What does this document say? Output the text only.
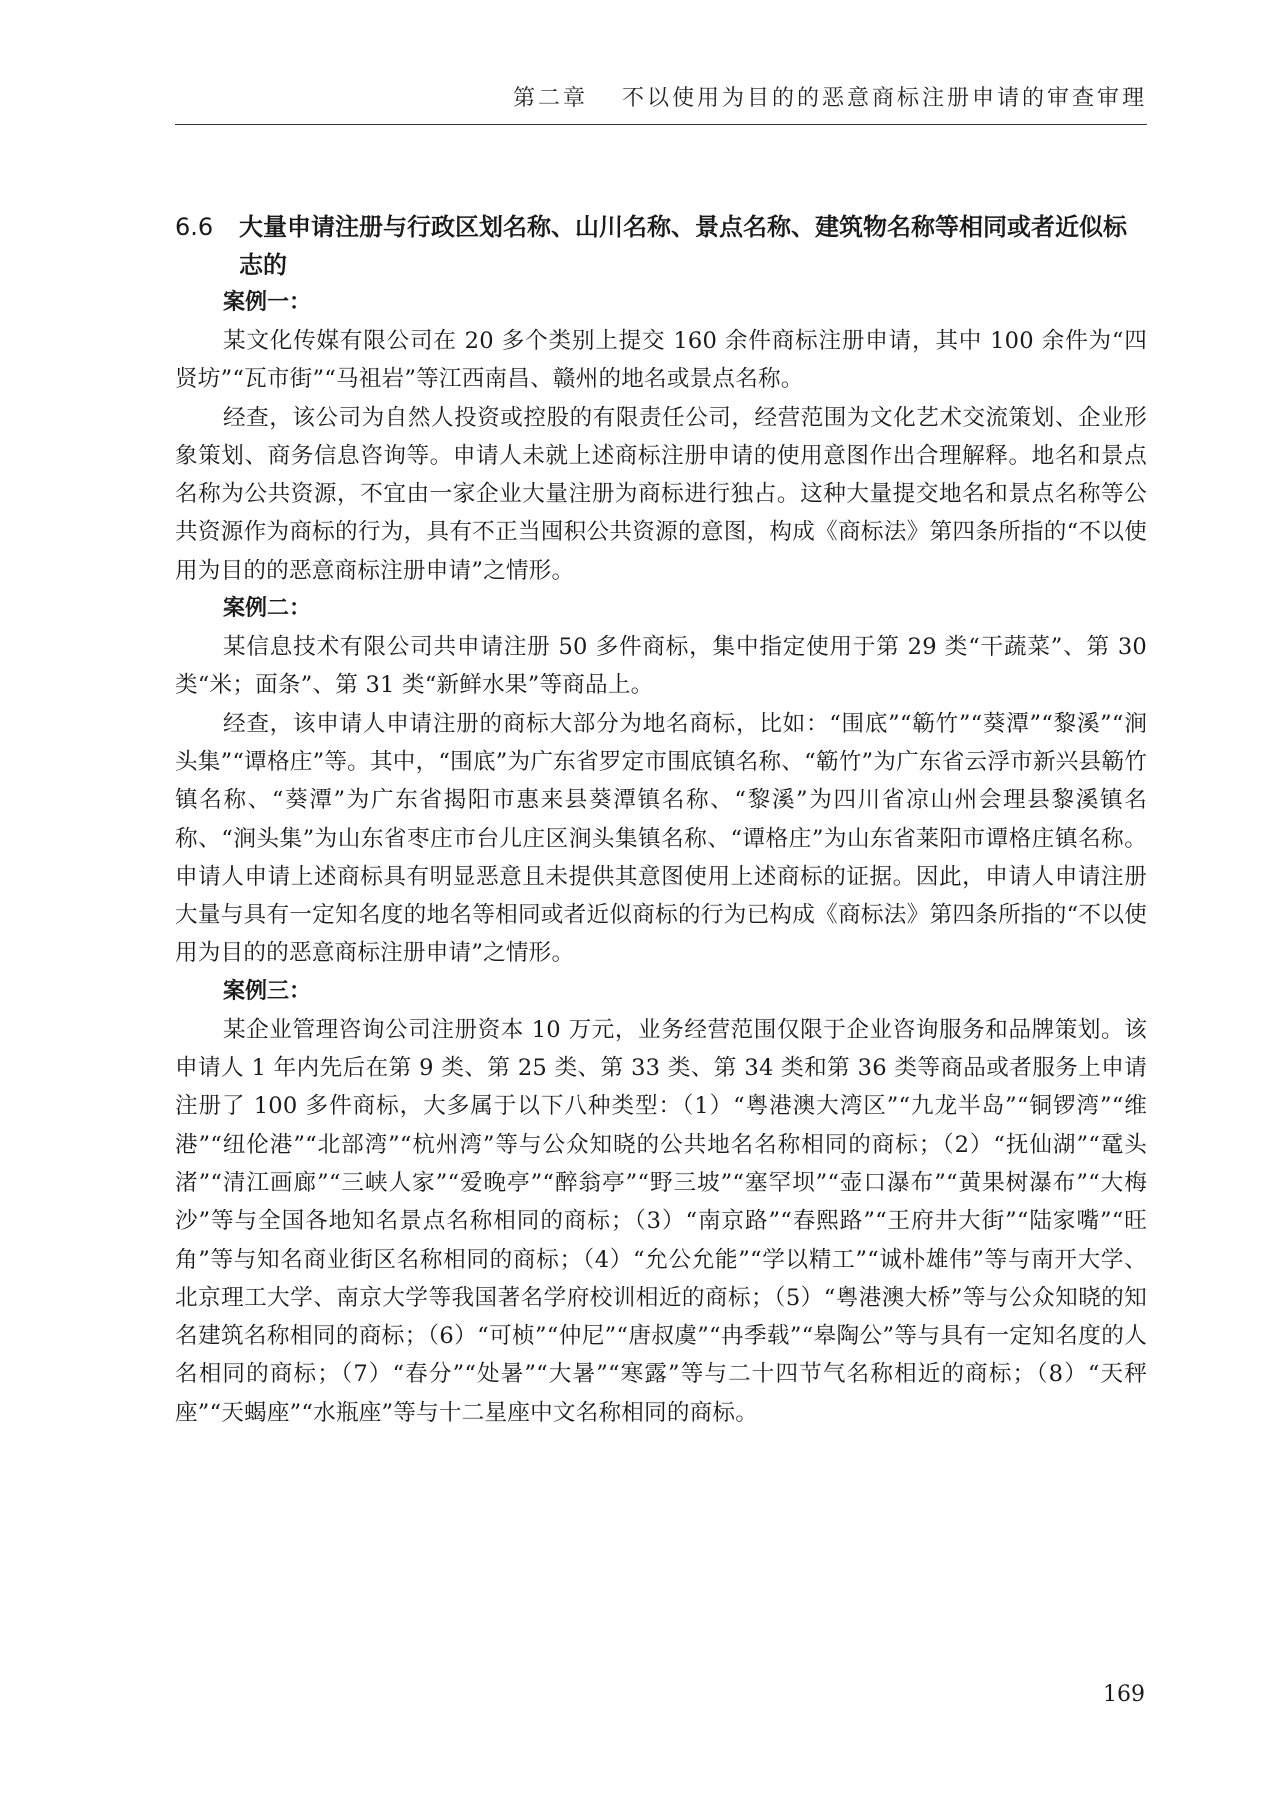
第二章 不以使用为目的的恶意商标注册申请的审查审理
6.6 大量申请注册与行政区划名称、山川名称、景点名称、建筑物名称等相同或者近似标志的
案例一：

某文化传媒有限公司在 20 多个类别上提交 160 余件商标注册申请，其中 100 余件为“四贤坊”“瓦市街”“马祖岩”等江西南昌、赣州的地名或景点名称。

经查，该公司为自然人投资或控股的有限责任公司，经营范围为文化艺术交流策划、企业形象策划、商务信息咨询等。申请人未就上述商标注册申请的使用意图作出合理解释。地名和景点名称为公共资源，不宜由一家企业大量注册为商标进行独占。这种大量提交地名和景点名称等公共资源作为商标的行为，具有不正当囤积公共资源的意图，构成《商标法》第四条所指的“不以使用为目的的恶意商标注册申请”之情形。

案例二：

某信息技术有限公司共申请注册 50 多件商标，集中指定使用于第 29 类“干蔬菜”、第 30 类“米；面条”、第 31 类“新鲜水果”等商品上。

经查，该申请人申请注册的商标大部分为地名商标，比如：“围底”“簕竹”“葵潭”“黎溪”“涧头集”“谭格庄”等。其中，“围底”为广东省罗定市围底镇名称、“簕竹”为广东省云浮市新兴县簕竹镇名称、“葵潭”为广东省揭阳市惠来县葵潭镇名称、“黎溪”为四川省凉山州会理县黎溪镇名称、“涧头集”为山东省枣庄市台儿庄区涧头集镇名称、“谭格庄”为山东省莱阳市谭格庄镇名称。申请人申请上述商标具有明显恶意且未提供其意图使用上述商标的证据。因此，申请人申请注册大量与具有一定知名度的地名等相同或者近似商标的行为已构成《商标法》第四条所指的“不以使用为目的的恶意商标注册申请”之情形。

案例三：

某企业管理咨询公司注册资本 10 万元，业务经营范围仅限于企业咨询服务和品牌策划。该申请人 1 年内先后在第 9 类、第 25 类、第 33 类、第 34 类和第 36 类等商品或者服务上申请注册了 100 多件商标，大多属于以下八种类型：（1）“粤港澳大湾区”“九龙半岛”“铜锣湾”“维港”“纽伦港”“北部湾”“杭州湾”等与公众知晓的公共地名名称相同的商标；（2）“抚仙湖”“鼋头渚”“清江画廊”“三峡人家”“爱晚亭”“醉翁亭”“野三坡”“塞罕坝”“壶口瀑布”“黄果树瀑布”“大梅沙”等与全国各地知名景点名称相同的商标；（3）“南京路”“春熙路”“王府井大街”“陆家嘴”“旺角”等与知名商业街区名称相同的商标；（4）“允公允能”“学以精工”“诚朴雄伟”等与南开大学、北京理工大学、南京大学等我国著名学府校训相近的商标；（5）“粤港澳大桥”等与公众知晓的知名建筑名称相同的商标；（6）“可桢”“仲尼”“唐叔虞”“冉季载”“皋陶公”等与具有一定知名度的人名相同的商标；（7）“春分”“处暑”“大暑”“寒露”等与二十四节气名称相近的商标；（8）“天秤座”“天蝎座”“水瓶座”等与十二星座中文名称相同的商标。

169
